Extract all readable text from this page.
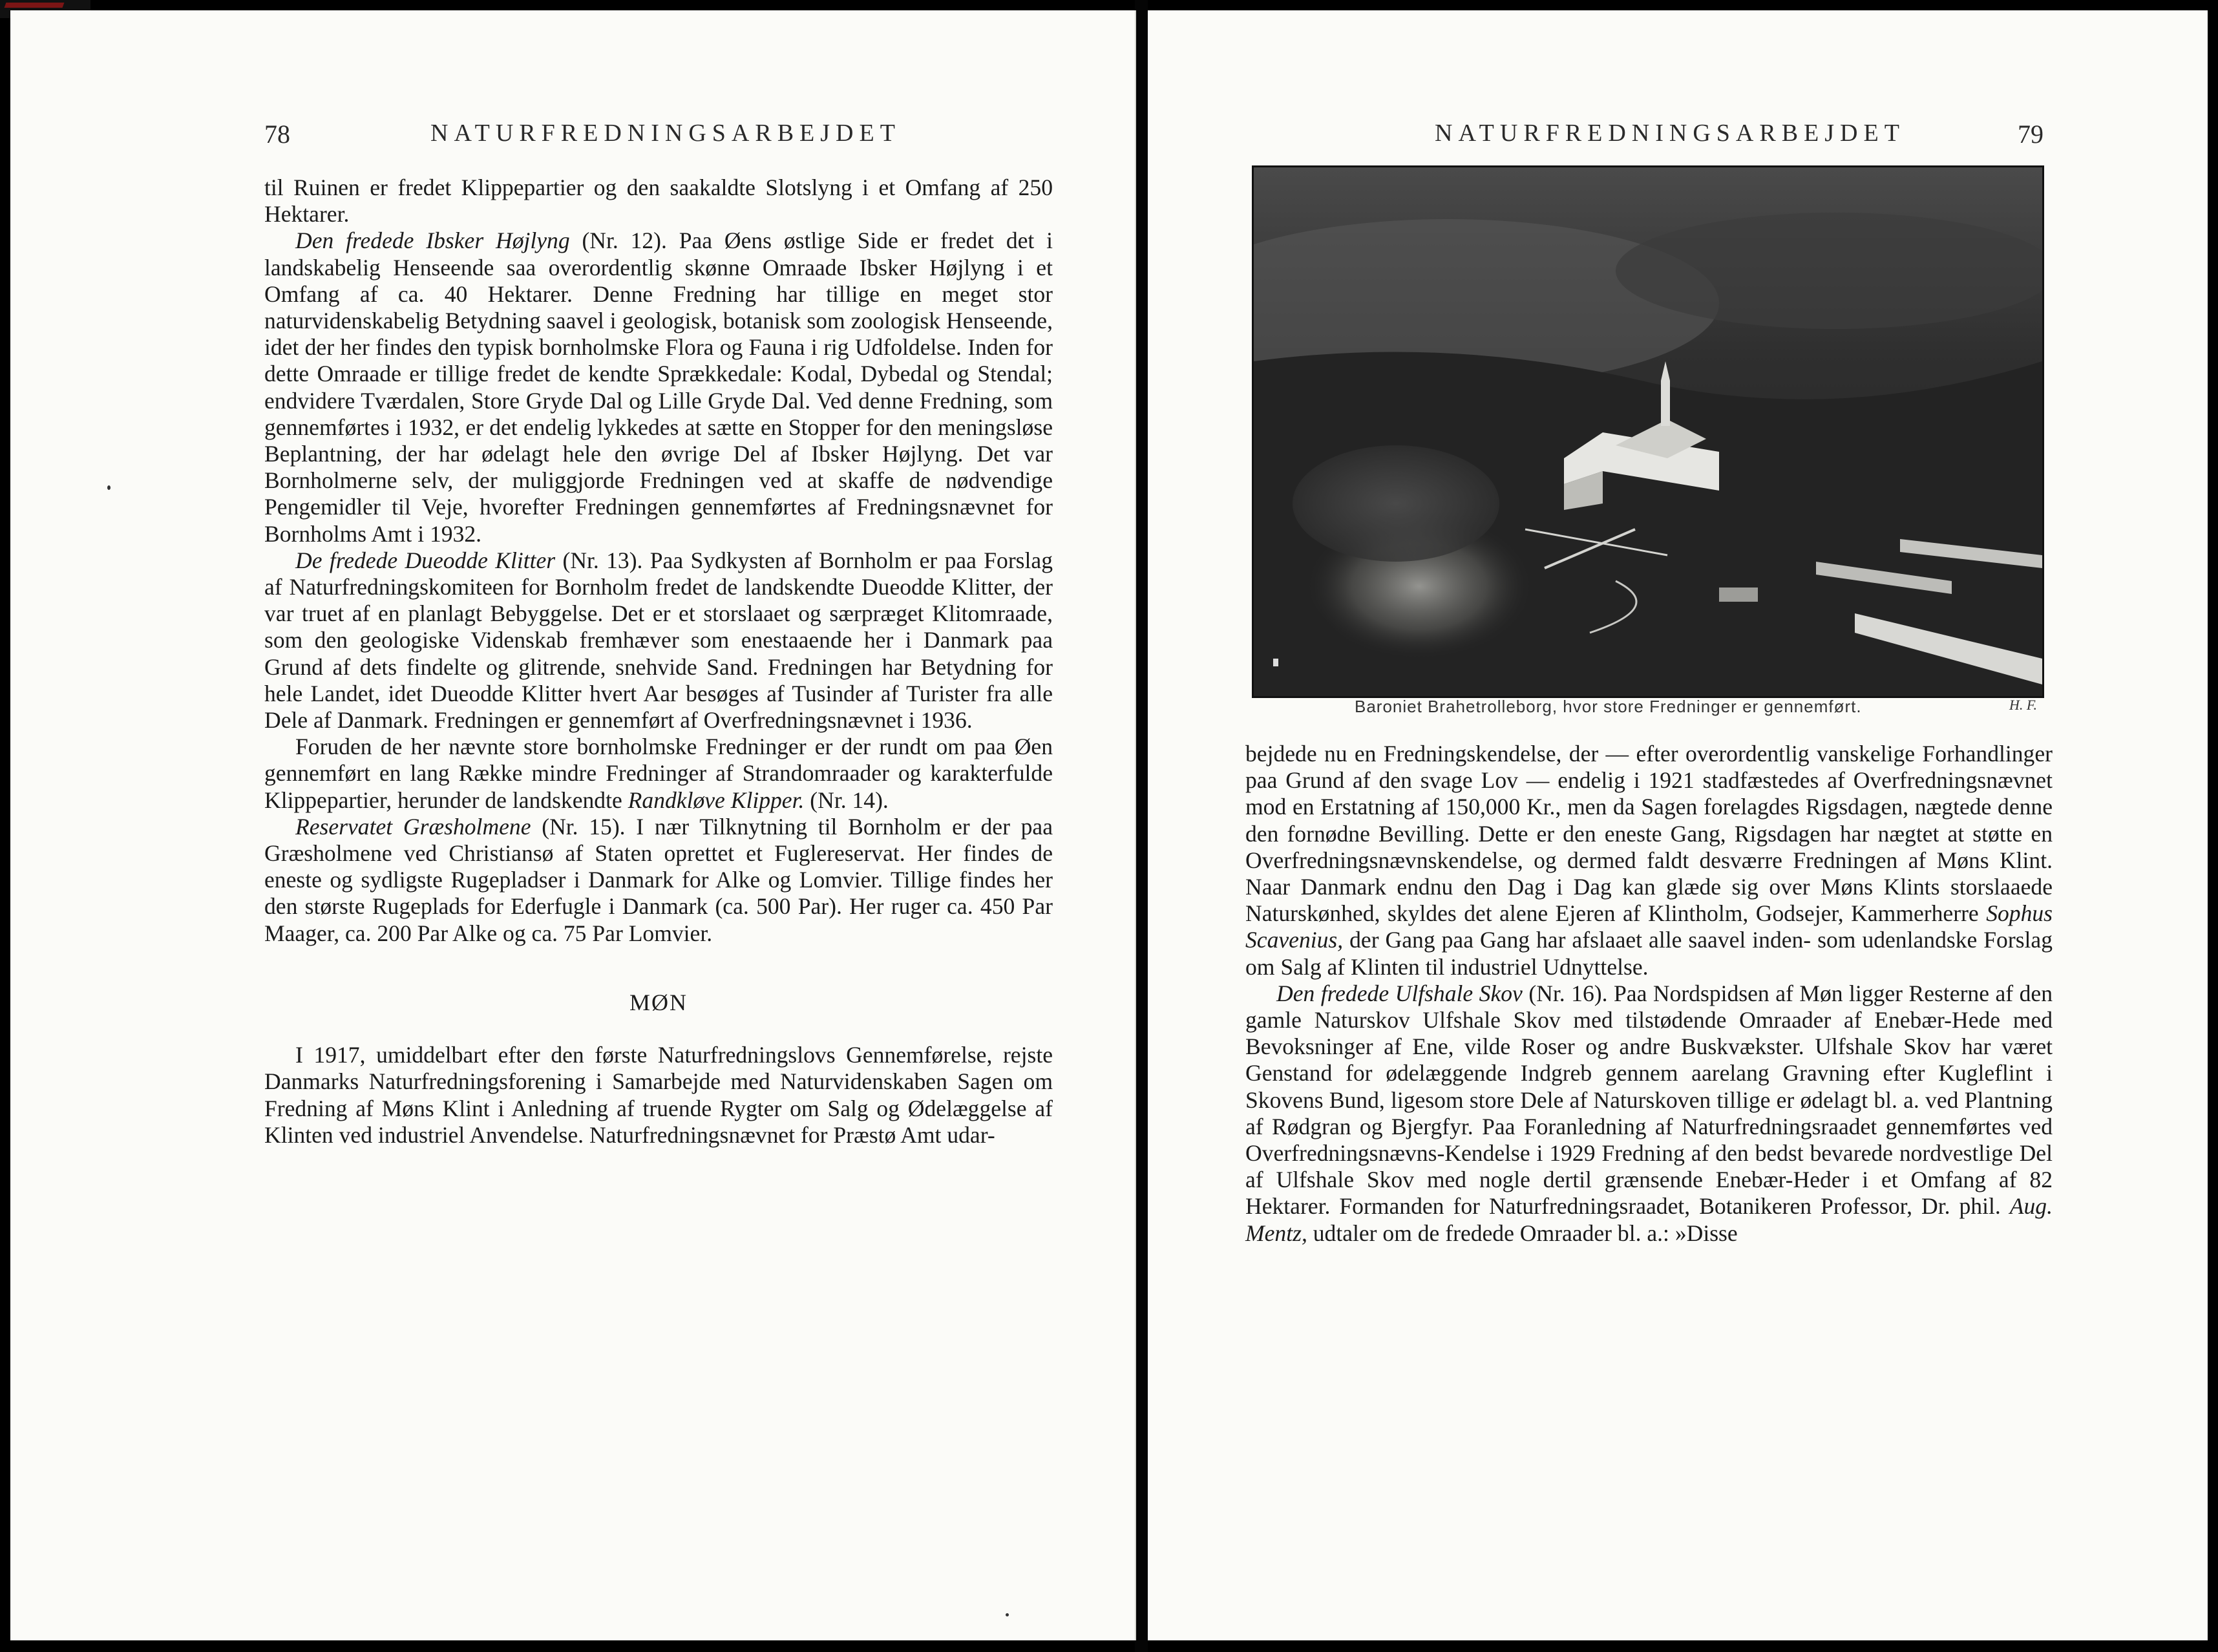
78	NATURFREDNINGSARBEJDET

til Ruinen er fredet Klippepartier og den saakaldte Slotslyng i et Omfang af 250 Hektarer.

Den fredede Ibsker Højlyng (Nr. 12). Paa Øens østlige Side er fredet det i landskabelig Henseende saa overordentlig skønne Omraade Ibsker Højlyng i et Omfang af ca. 40 Hektarer. Denne Fredning har tillige en meget stor naturvidenskabelig Betydning saavel i geologisk, botanisk som zoologisk Henseende, idet der her findes den typisk bornholmske Flora og Fauna i rig Udfoldelse. Inden for dette Omraade er tillige fredet de kendte Sprækkedale: Kodal, Dybedal og Stendal; endvidere Tværdalen, Store Gryde Dal og Lille Gryde Dal. Ved denne Fredning, som gennemførtes i 1932, er det endelig lykkedes at sætte en Stopper for den meningsløse Beplantning, der har ødelagt hele den øvrige Del af Ibsker Højlyng. Det var Bornholmerne selv, der muliggjorde Fredningen ved at skaffe de nødvendige Pengemidler til Veje, hvorefter Fredningen gennemførtes af Fredningsnævnet for Bornholms Amt i 1932.

De fredede Dueodde Klitter (Nr. 13). Paa Sydkysten af Bornholm er paa Forslag af Naturfredningskomiteen for Bornholm fredet de landskendte Dueodde Klitter, der var truet af en planlagt Bebyggelse. Det er et storslaaet og særpræget Klitomraade, som den geologiske Videnskab fremhæver som enestaaende her i Danmark paa Grund af dets findelte og glitrende, snehvide Sand. Fredningen har Betydning for hele Landet, idet Dueodde Klitter hvert Aar besøges af Tusinder af Turister fra alle Dele af Danmark. Fredningen er gennemført af Overfredningsnævnet i 1936.

Foruden de her nævnte store bornholmske Fredninger er der rundt om paa Øen gennemført en lang Række mindre Fredninger af Strandomraader og karakterfulde Klippepartier, herunder de landskendte Randkløve Klipper. (Nr. 14).

Reservatet Græsholmene (Nr. 15). I nær Tilknytning til Bornholm er der paa Græsholmene ved Christiansø af Staten oprettet et Fuglereservat. Her findes de eneste og sydligste Rugepladser i Danmark for Alke og Lomvier. Tillige findes her den største Rugeplads for Ederfugle i Danmark (ca. 500 Par). Her ruger ca. 450 Par Maager, ca. 200 Par Alke og ca. 75 Par Lomvier.

MØN

I 1917, umiddelbart efter den første Naturfredningslovs Gennemførelse, rejste Danmarks Naturfredningsforening i Samarbejde med Naturvidenskaben Sagen om Fredning af Møns Klint i Anledning af truende Rygter om Salg og Ødelæggelse af Klinten ved industriel Anvendelse. Naturfredningsnævnet for Præstø Amt udar-

NATURFREDNINGSARBEJDET	79
Baroniet Brahetrolleborg, hvor store Fredninger er gennemført.	H. F.

bejdede nu en Fredningskendelse, der — efter overordentlig vanskelige Forhandlinger paa Grund af den svage Lov — endelig i 1921 stadfæstedes af Overfredningsnævnet mod en Erstatning af 150,000 Kr., men da Sagen forelagdes Rigsdagen, nægtede denne den fornødne Bevilling. Dette er den eneste Gang, Rigsdagen har nægtet at støtte en Overfredningsnævnskendelse, og dermed faldt desværre Fredningen af Møns Klint. Naar Danmark endnu den Dag i Dag kan glæde sig over Møns Klints storslaaede Naturskønhed, skyldes det alene Ejeren af Klintholm, Godsejer, Kammerherre Sophus Scavenius, der Gang paa Gang har afslaaet alle saavel inden- som udenlandske Forslag om Salg af Klinten til industriel Udnyttelse.

Den fredede Ulfshale Skov (Nr. 16). Paa Nordspidsen af Møn ligger Resterne af den gamle Naturskov Ulfshale Skov med tilstødende Omraader af Enebær-Hede med Bevoksninger af Ene, vilde Roser og andre Buskvækster. Ulfshale Skov har været Genstand for ødelæggende Indgreb gennem aarelang Gravning efter Kugleflint i Skovens Bund, ligesom store Dele af Naturskoven tillige er ødelagt bl. a. ved Plantning af Rødgran og Bjergfyr. Paa Foranledning af Naturfredningsraadet gennemførtes ved Overfredningsnævns-Kendelse i 1929 Fredning af den bedst bevarede nordvestlige Del af Ulfshale Skov med nogle dertil grænsende Enebær-Heder i et Omfang af 82 Hektarer. Formanden for Naturfredningsraadet, Botanikeren Professor, Dr. phil. Aug. Mentz, udtaler om de fredede Omraader bl. a.: »Disse
